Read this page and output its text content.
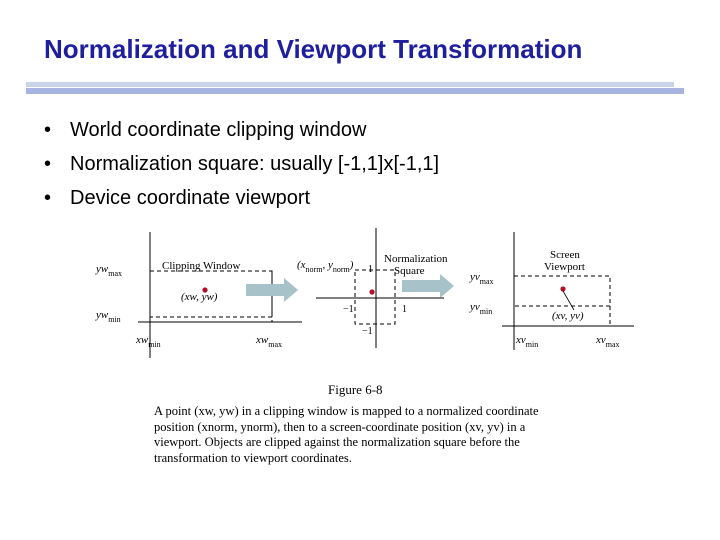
Normalization and Viewport Transformation
• World coordinate clipping window
• Normalization square: usually [-1,1]x[-1,1]
• Device coordinate viewport
Clipping Window
(xw, yw)
$yw_{max}$
$yw_{min}$
$xw_{min}$	$xw_{max}$
Normalization
Square
($x_{norm}$, $y_{norm}$) 1
1
−1
−1
Screen
Viewport
(xv, yv)
$yv_{max}$
$yv_{min}$
$xv_{min}$	$xv_{max}$
Figure 6-8
A point (xw, yw) in a clipping window is mapped to a normalized coordinate position (xnorm, ynorm), then to a screen-coordinate position (xv, yv) in a viewport. Objects are clipped against the normalization square before the transformation to viewport coordinates.
